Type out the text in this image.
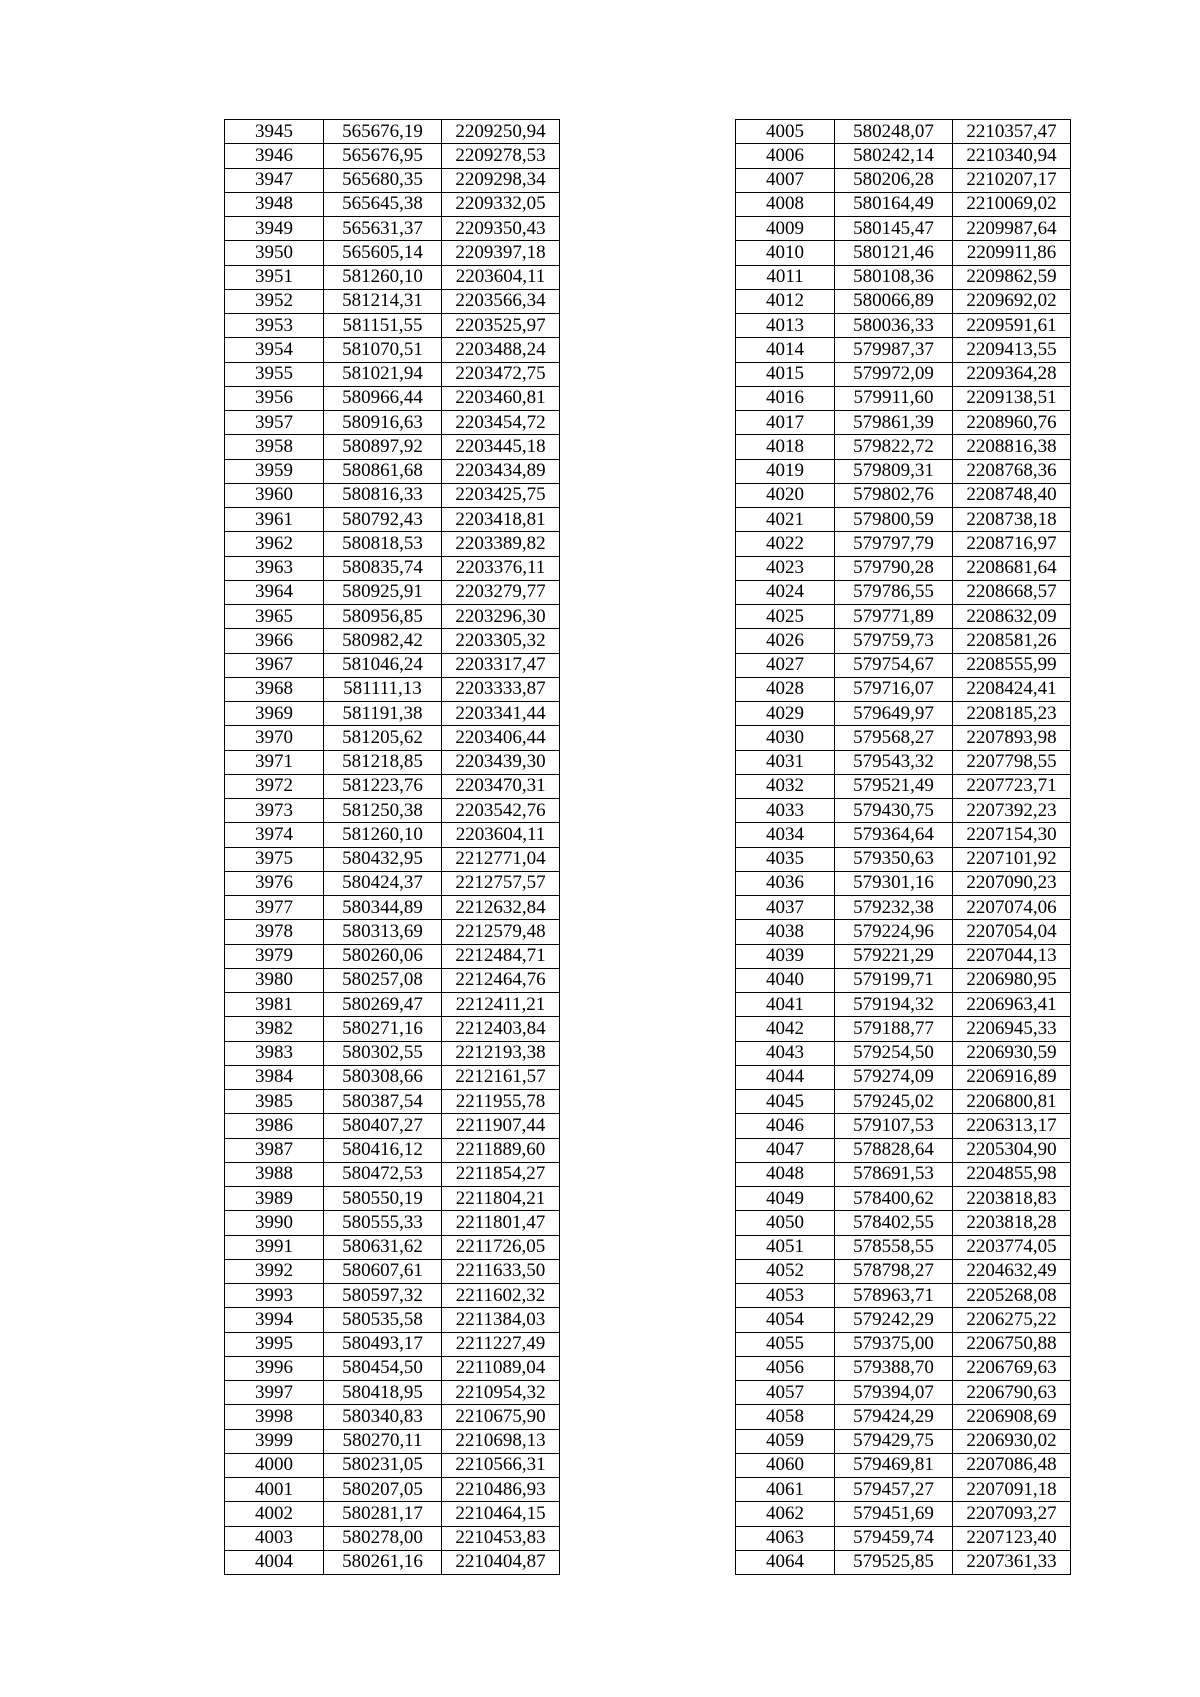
3945	565676,19	2209250,94
3946	565676,95	2209278,53
3947	565680,35	2209298,34
3948	565645,38	2209332,05
3949	565631,37	2209350,43
3950	565605,14	2209397,18
3951	581260,10	2203604,11
3952	581214,31	2203566,34
3953	581151,55	2203525,97
3954	581070,51	2203488,24
3955	581021,94	2203472,75
3956	580966,44	2203460,81
3957	580916,63	2203454,72
3958	580897,92	2203445,18
3959	580861,68	2203434,89
3960	580816,33	2203425,75
3961	580792,43	2203418,81
3962	580818,53	2203389,82
3963	580835,74	2203376,11
3964	580925,91	2203279,77
3965	580956,85	2203296,30
3966	580982,42	2203305,32
3967	581046,24	2203317,47
3968	581111,13	2203333,87
3969	581191,38	2203341,44
3970	581205,62	2203406,44
3971	581218,85	2203439,30
3972	581223,76	2203470,31
3973	581250,38	2203542,76
3974	581260,10	2203604,11
3975	580432,95	2212771,04
3976	580424,37	2212757,57
3977	580344,89	2212632,84
3978	580313,69	2212579,48
3979	580260,06	2212484,71
3980	580257,08	2212464,76
3981	580269,47	2212411,21
3982	580271,16	2212403,84
3983	580302,55	2212193,38
3984	580308,66	2212161,57
3985	580387,54	2211955,78
3986	580407,27	2211907,44
3987	580416,12	2211889,60
3988	580472,53	2211854,27
3989	580550,19	2211804,21
3990	580555,33	2211801,47
3991	580631,62	2211726,05
3992	580607,61	2211633,50
3993	580597,32	2211602,32
3994	580535,58	2211384,03
3995	580493,17	2211227,49
3996	580454,50	2211089,04
3997	580418,95	2210954,32
3998	580340,83	2210675,90
3999	580270,11	2210698,13
4000	580231,05	2210566,31
4001	580207,05	2210486,93
4002	580281,17	2210464,15
4003	580278,00	2210453,83
4004	580261,16	2210404,87
4005	580248,07	2210357,47
4006	580242,14	2210340,94
4007	580206,28	2210207,17
4008	580164,49	2210069,02
4009	580145,47	2209987,64
4010	580121,46	2209911,86
4011	580108,36	2209862,59
4012	580066,89	2209692,02
4013	580036,33	2209591,61
4014	579987,37	2209413,55
4015	579972,09	2209364,28
4016	579911,60	2209138,51
4017	579861,39	2208960,76
4018	579822,72	2208816,38
4019	579809,31	2208768,36
4020	579802,76	2208748,40
4021	579800,59	2208738,18
4022	579797,79	2208716,97
4023	579790,28	2208681,64
4024	579786,55	2208668,57
4025	579771,89	2208632,09
4026	579759,73	2208581,26
4027	579754,67	2208555,99
4028	579716,07	2208424,41
4029	579649,97	2208185,23
4030	579568,27	2207893,98
4031	579543,32	2207798,55
4032	579521,49	2207723,71
4033	579430,75	2207392,23
4034	579364,64	2207154,30
4035	579350,63	2207101,92
4036	579301,16	2207090,23
4037	579232,38	2207074,06
4038	579224,96	2207054,04
4039	579221,29	2207044,13
4040	579199,71	2206980,95
4041	579194,32	2206963,41
4042	579188,77	2206945,33
4043	579254,50	2206930,59
4044	579274,09	2206916,89
4045	579245,02	2206800,81
4046	579107,53	2206313,17
4047	578828,64	2205304,90
4048	578691,53	2204855,98
4049	578400,62	2203818,83
4050	578402,55	2203818,28
4051	578558,55	2203774,05
4052	578798,27	2204632,49
4053	578963,71	2205268,08
4054	579242,29	2206275,22
4055	579375,00	2206750,88
4056	579388,70	2206769,63
4057	579394,07	2206790,63
4058	579424,29	2206908,69
4059	579429,75	2206930,02
4060	579469,81	2207086,48
4061	579457,27	2207091,18
4062	579451,69	2207093,27
4063	579459,74	2207123,40
4064	579525,85	2207361,33
